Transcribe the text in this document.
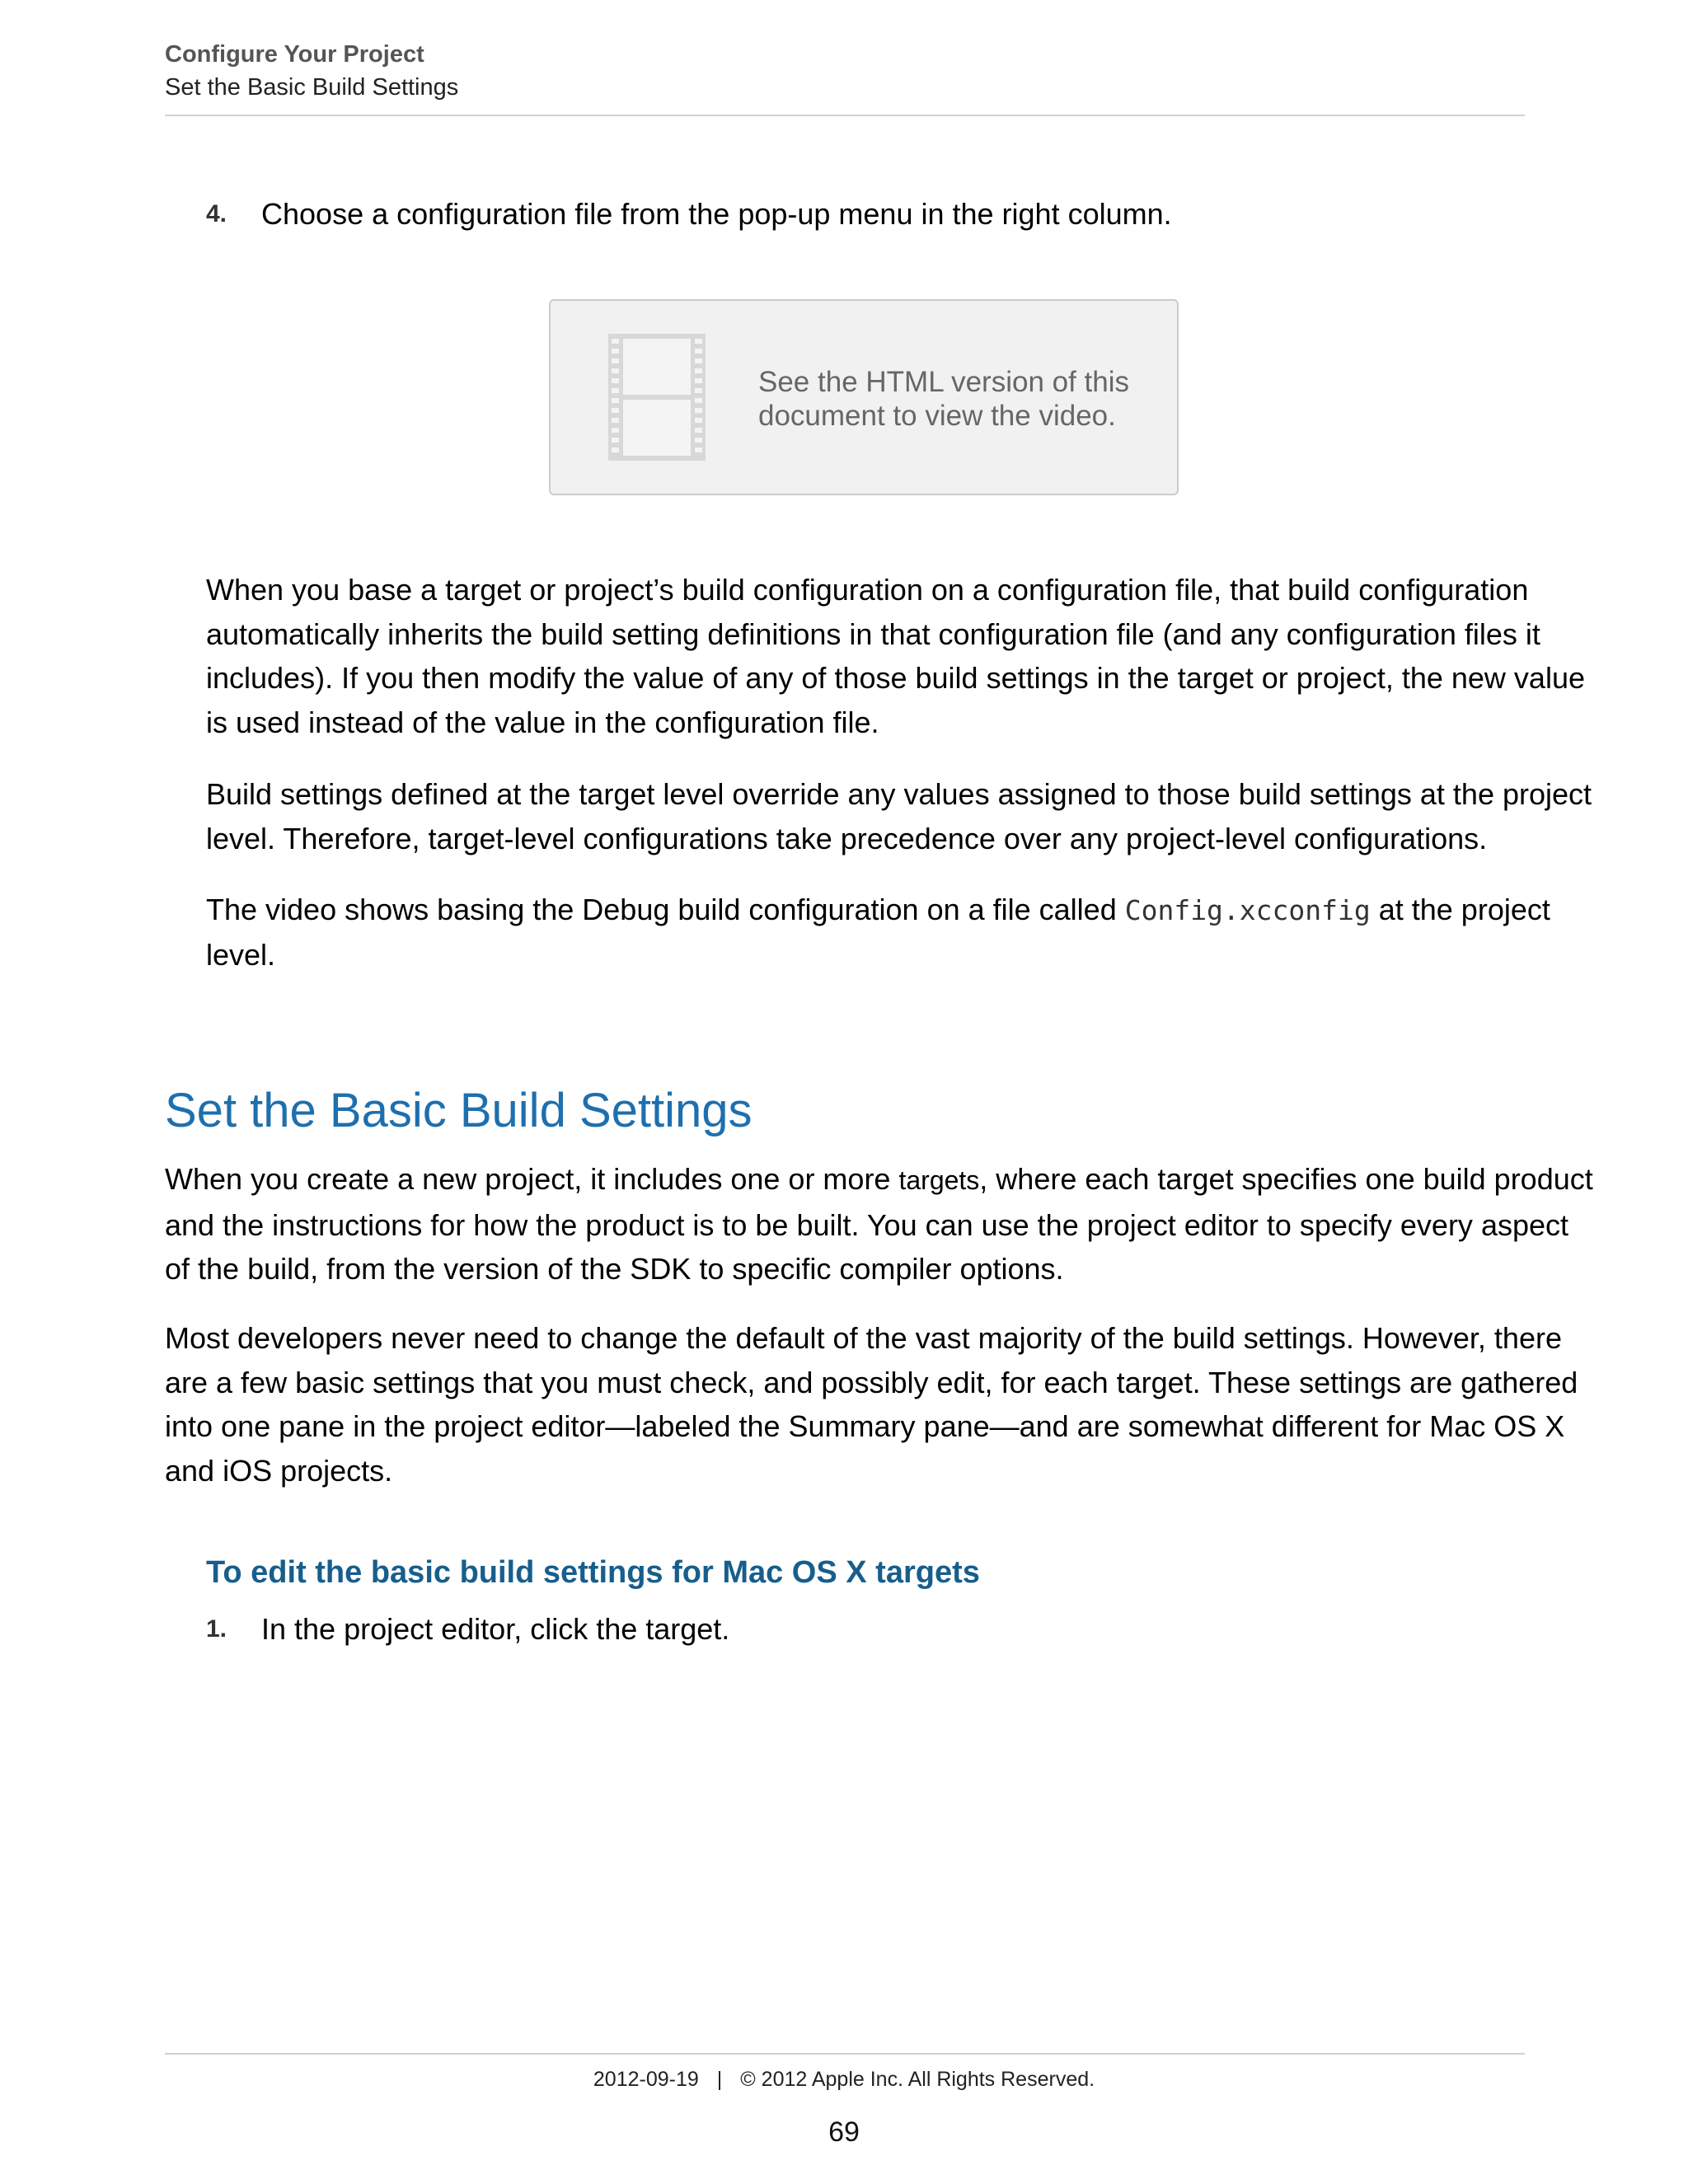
Configure Your Project
Set the Basic Build Settings
4. Choose a configuration file from the pop-up menu in the right column.
See the HTML version of this
document to view the video.
When you base a target or project’s build configuration on a configuration file, that build configuration
automatically inherits the build setting definitions in that configuration file (and any configuration files it
includes). If you then modify the value of any of those build settings in the target or project, the new value
is used instead of the value in the configuration file.
Build settings defined at the target level override any values assigned to those build settings at the project
level. Therefore, target-level configurations take precedence over any project-level configurations.
The video shows basing the Debug build configuration on a file called Config.xcconfig at the project
level.
Set the Basic Build Settings
When you create a new project, it includes one or more targets, where each target specifies one build product
and the instructions for how the product is to be built. You can use the project editor to specify every aspect
of the build, from the version of the SDK to specific compiler options.
Most developers never need to change the default of the vast majority of the build settings. However, there
are a few basic settings that you must check, and possibly edit, for each target. These settings are gathered
into one pane in the project editor—labeled the Summary pane—and are somewhat different for Mac OS X
and iOS projects.
To edit the basic build settings for Mac OS X targets
1. In the project editor, click the target.
2012-09-19 | © 2012 Apple Inc. All Rights Reserved.
69
